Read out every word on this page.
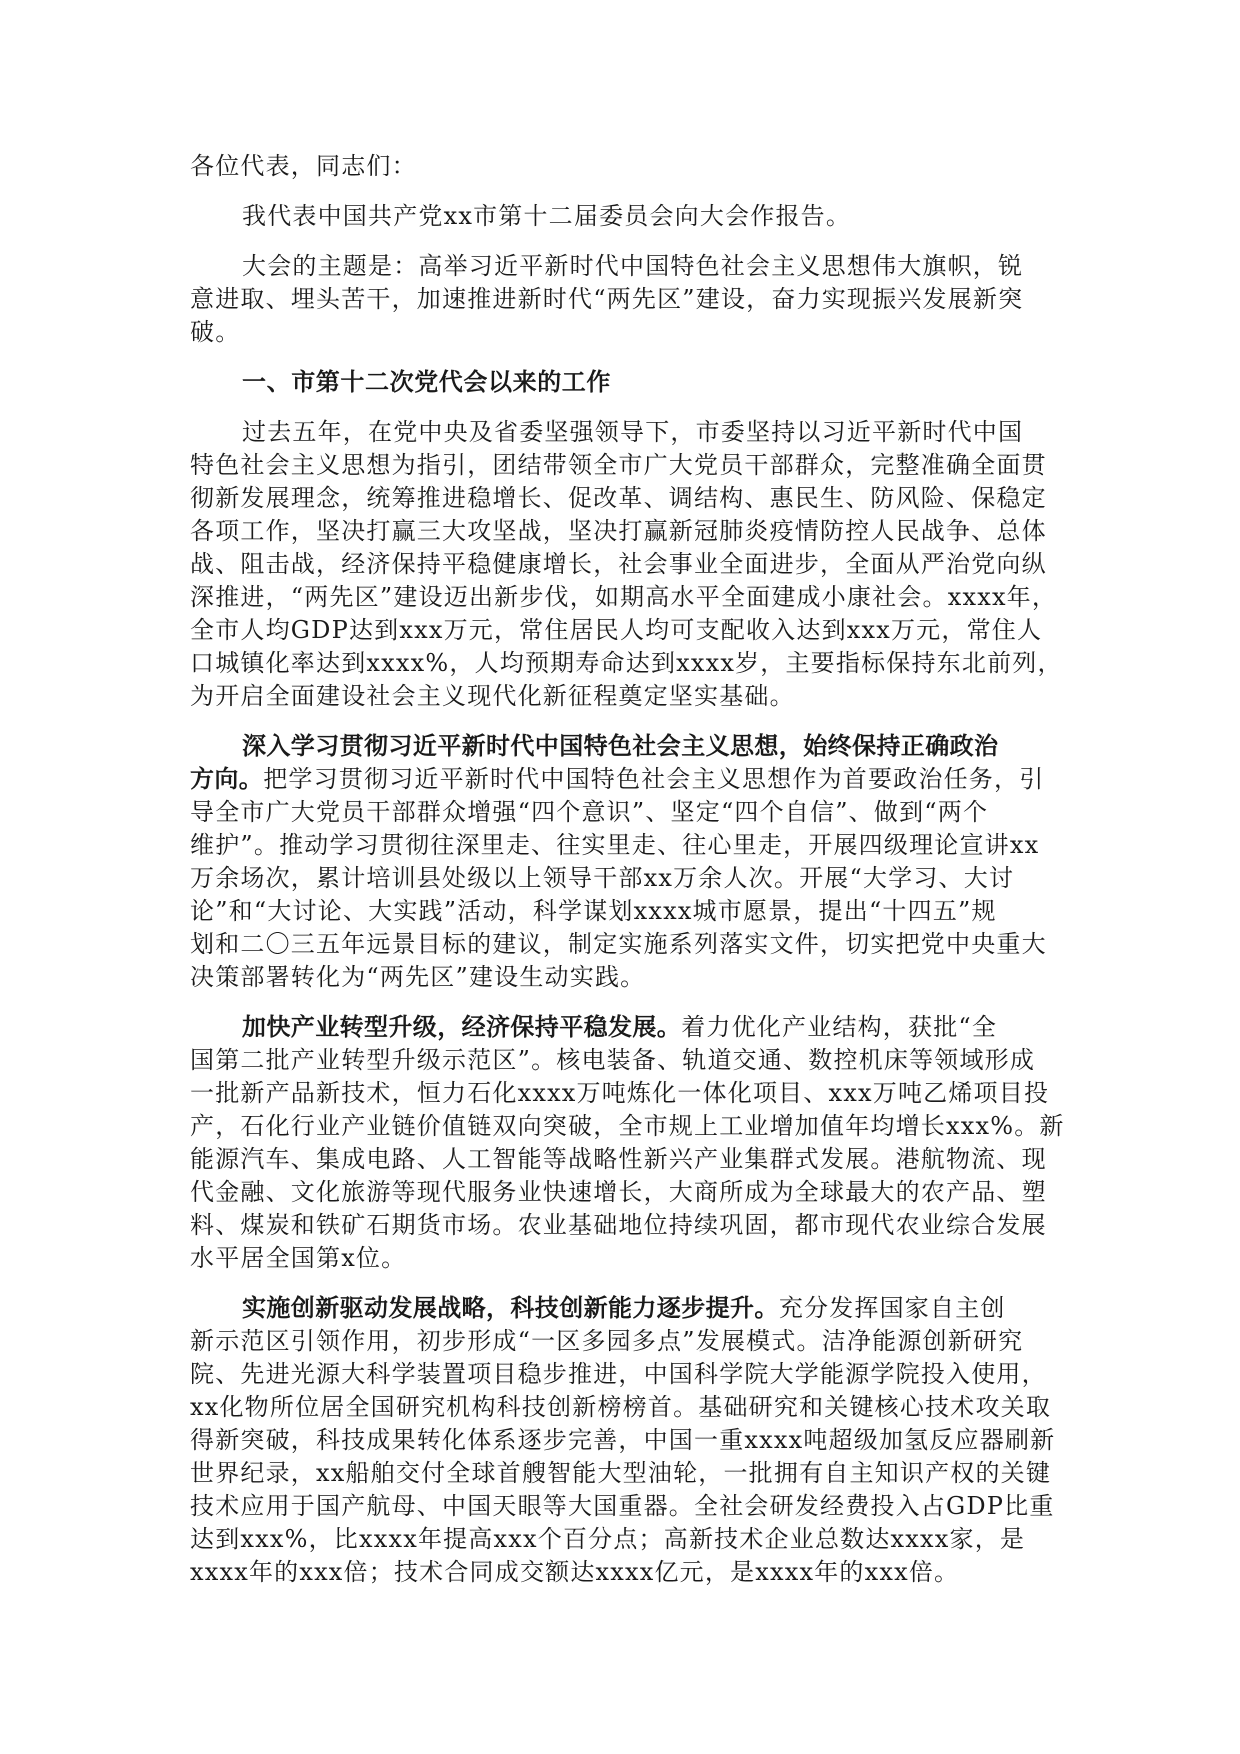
各位代表，同志们：
我代表中国共产党xx市第十二届委员会向大会作报告。
大会的主题是：高举习近平新时代中国特色社会主义思想伟大旗帜，锐
意进取、埋头苦干，加速推进新时代“两先区”建设，奋力实现振兴发展新突
破。
一、市第十二次党代会以来的工作
过去五年，在党中央及省委坚强领导下，市委坚持以习近平新时代中国
特色社会主义思想为指引，团结带领全市广大党员干部群众，完整准确全面贯
彻新发展理念，统筹推进稳增长、促改革、调结构、惠民生、防风险、保稳定
各项工作，坚决打赢三大攻坚战，坚决打赢新冠肺炎疫情防控人民战争、总体
战、阻击战，经济保持平稳健康增长，社会事业全面进步，全面从严治党向纵
深推进，“两先区”建设迈出新步伐，如期高水平全面建成小康社会。xxxx年，
全市人均GDP达到xxx万元，常住居民人均可支配收入达到xxx万元，常住人
口城镇化率达到xxxx%，人均预期寿命达到xxxx岁，主要指标保持东北前列，
为开启全面建设社会主义现代化新征程奠定坚实基础。
深入学习贯彻习近平新时代中国特色社会主义思想，始终保持正确政治
方向。把学习贯彻习近平新时代中国特色社会主义思想作为首要政治任务，引
导全市广大党员干部群众增强“四个意识”、坚定“四个自信”、做到“两个
维护”。推动学习贯彻往深里走、往实里走、往心里走，开展四级理论宣讲xx
万余场次，累计培训县处级以上领导干部xx万余人次。开展“大学习、大讨
论”和“大讨论、大实践”活动，科学谋划xxxx城市愿景，提出“十四五”规
划和二〇三五年远景目标的建议，制定实施系列落实文件，切实把党中央重大
决策部署转化为“两先区”建设生动实践。
加快产业转型升级，经济保持平稳发展。着力优化产业结构，获批“全
国第二批产业转型升级示范区”。核电装备、轨道交通、数控机床等领域形成
一批新产品新技术，恒力石化xxxx万吨炼化一体化项目、xxx万吨乙烯项目投
产，石化行业产业链价值链双向突破，全市规上工业增加值年均增长xxx%。新
能源汽车、集成电路、人工智能等战略性新兴产业集群式发展。港航物流、现
代金融、文化旅游等现代服务业快速增长，大商所成为全球最大的农产品、塑
料、煤炭和铁矿石期货市场。农业基础地位持续巩固，都市现代农业综合发展
水平居全国第x位。
实施创新驱动发展战略，科技创新能力逐步提升。充分发挥国家自主创
新示范区引领作用，初步形成“一区多园多点”发展模式。洁净能源创新研究
院、先进光源大科学装置项目稳步推进，中国科学院大学能源学院投入使用，
xx化物所位居全国研究机构科技创新榜榜首。基础研究和关键核心技术攻关取
得新突破，科技成果转化体系逐步完善，中国一重xxxx吨超级加氢反应器刷新
世界纪录，xx船舶交付全球首艘智能大型油轮，一批拥有自主知识产权的关键
技术应用于国产航母、中国天眼等大国重器。全社会研发经费投入占GDP比重
达到xxx%，比xxxx年提高xxx个百分点；高新技术企业总数达xxxx家，是
xxxx年的xxx倍；技术合同成交额达xxxx亿元，是xxxx年的xxx倍。
